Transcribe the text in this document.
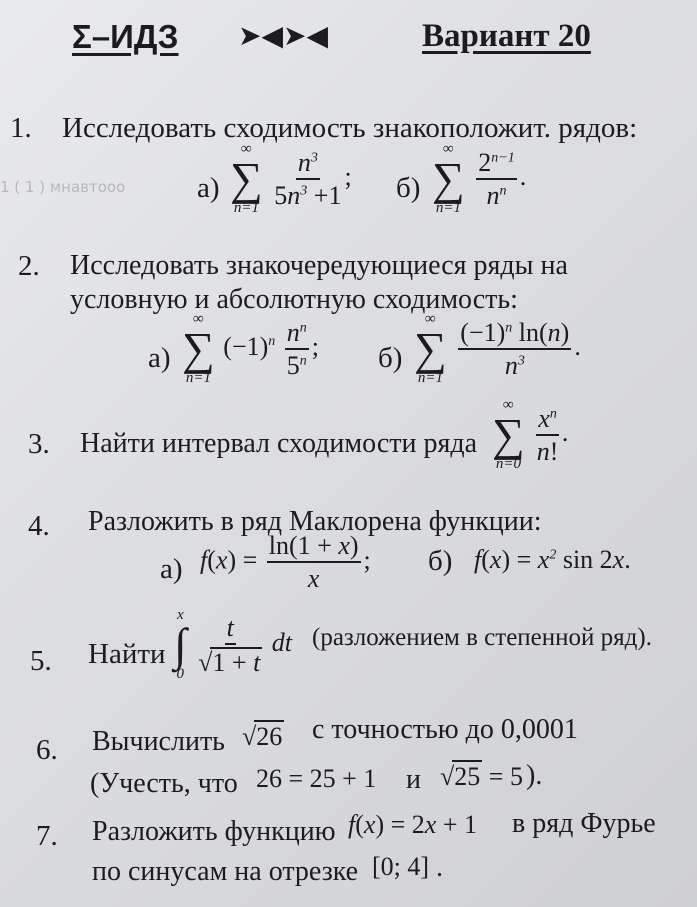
1 ( 1 ) мнавтооо
Σ–ИДЗ ➤◀➤◀	Вариант 20
1. Исследовать сходимость знакоположит. рядов:
а)
∞
∑
n=1
$\frac{n^3}{5n^3 +1}$ ; б)
∞
∑
n=1
$\frac{2^{n-1}}{n^n}$ .
2. Исследовать знакочередующиеся ряды на
условную и абсолютную сходимость:
а)
∞
∑
n=1
$(-1)^n \frac{n^n}{5^n}$ ; б)
∞
∑
n=1
$\frac{(-1)^n \ln(n)}{n^3}$ .
3. Найти интервал сходимости ряда
∞
∑
n=0
$\frac{x^n}{n!}$ .
4. Разложить в ряд Маклорена функции:
а) $f(x) = \frac{\ln(1 + x)}{x}$ ; б) $f(x) = x^2$ sin 2x.
5. Найти
x
∫
0
$\frac{t}{√1 + t}$ dt (разложением в степенной ряд).
6. Вычислить √26 с точностью до 0,0001
(Учесть, что 26 = 25 + 1 и √25 = 5 ).
7. Разложить функцию f(x) = 2x + 1 в ряд Фурье
по синусам на отрезке [0; 4] .
